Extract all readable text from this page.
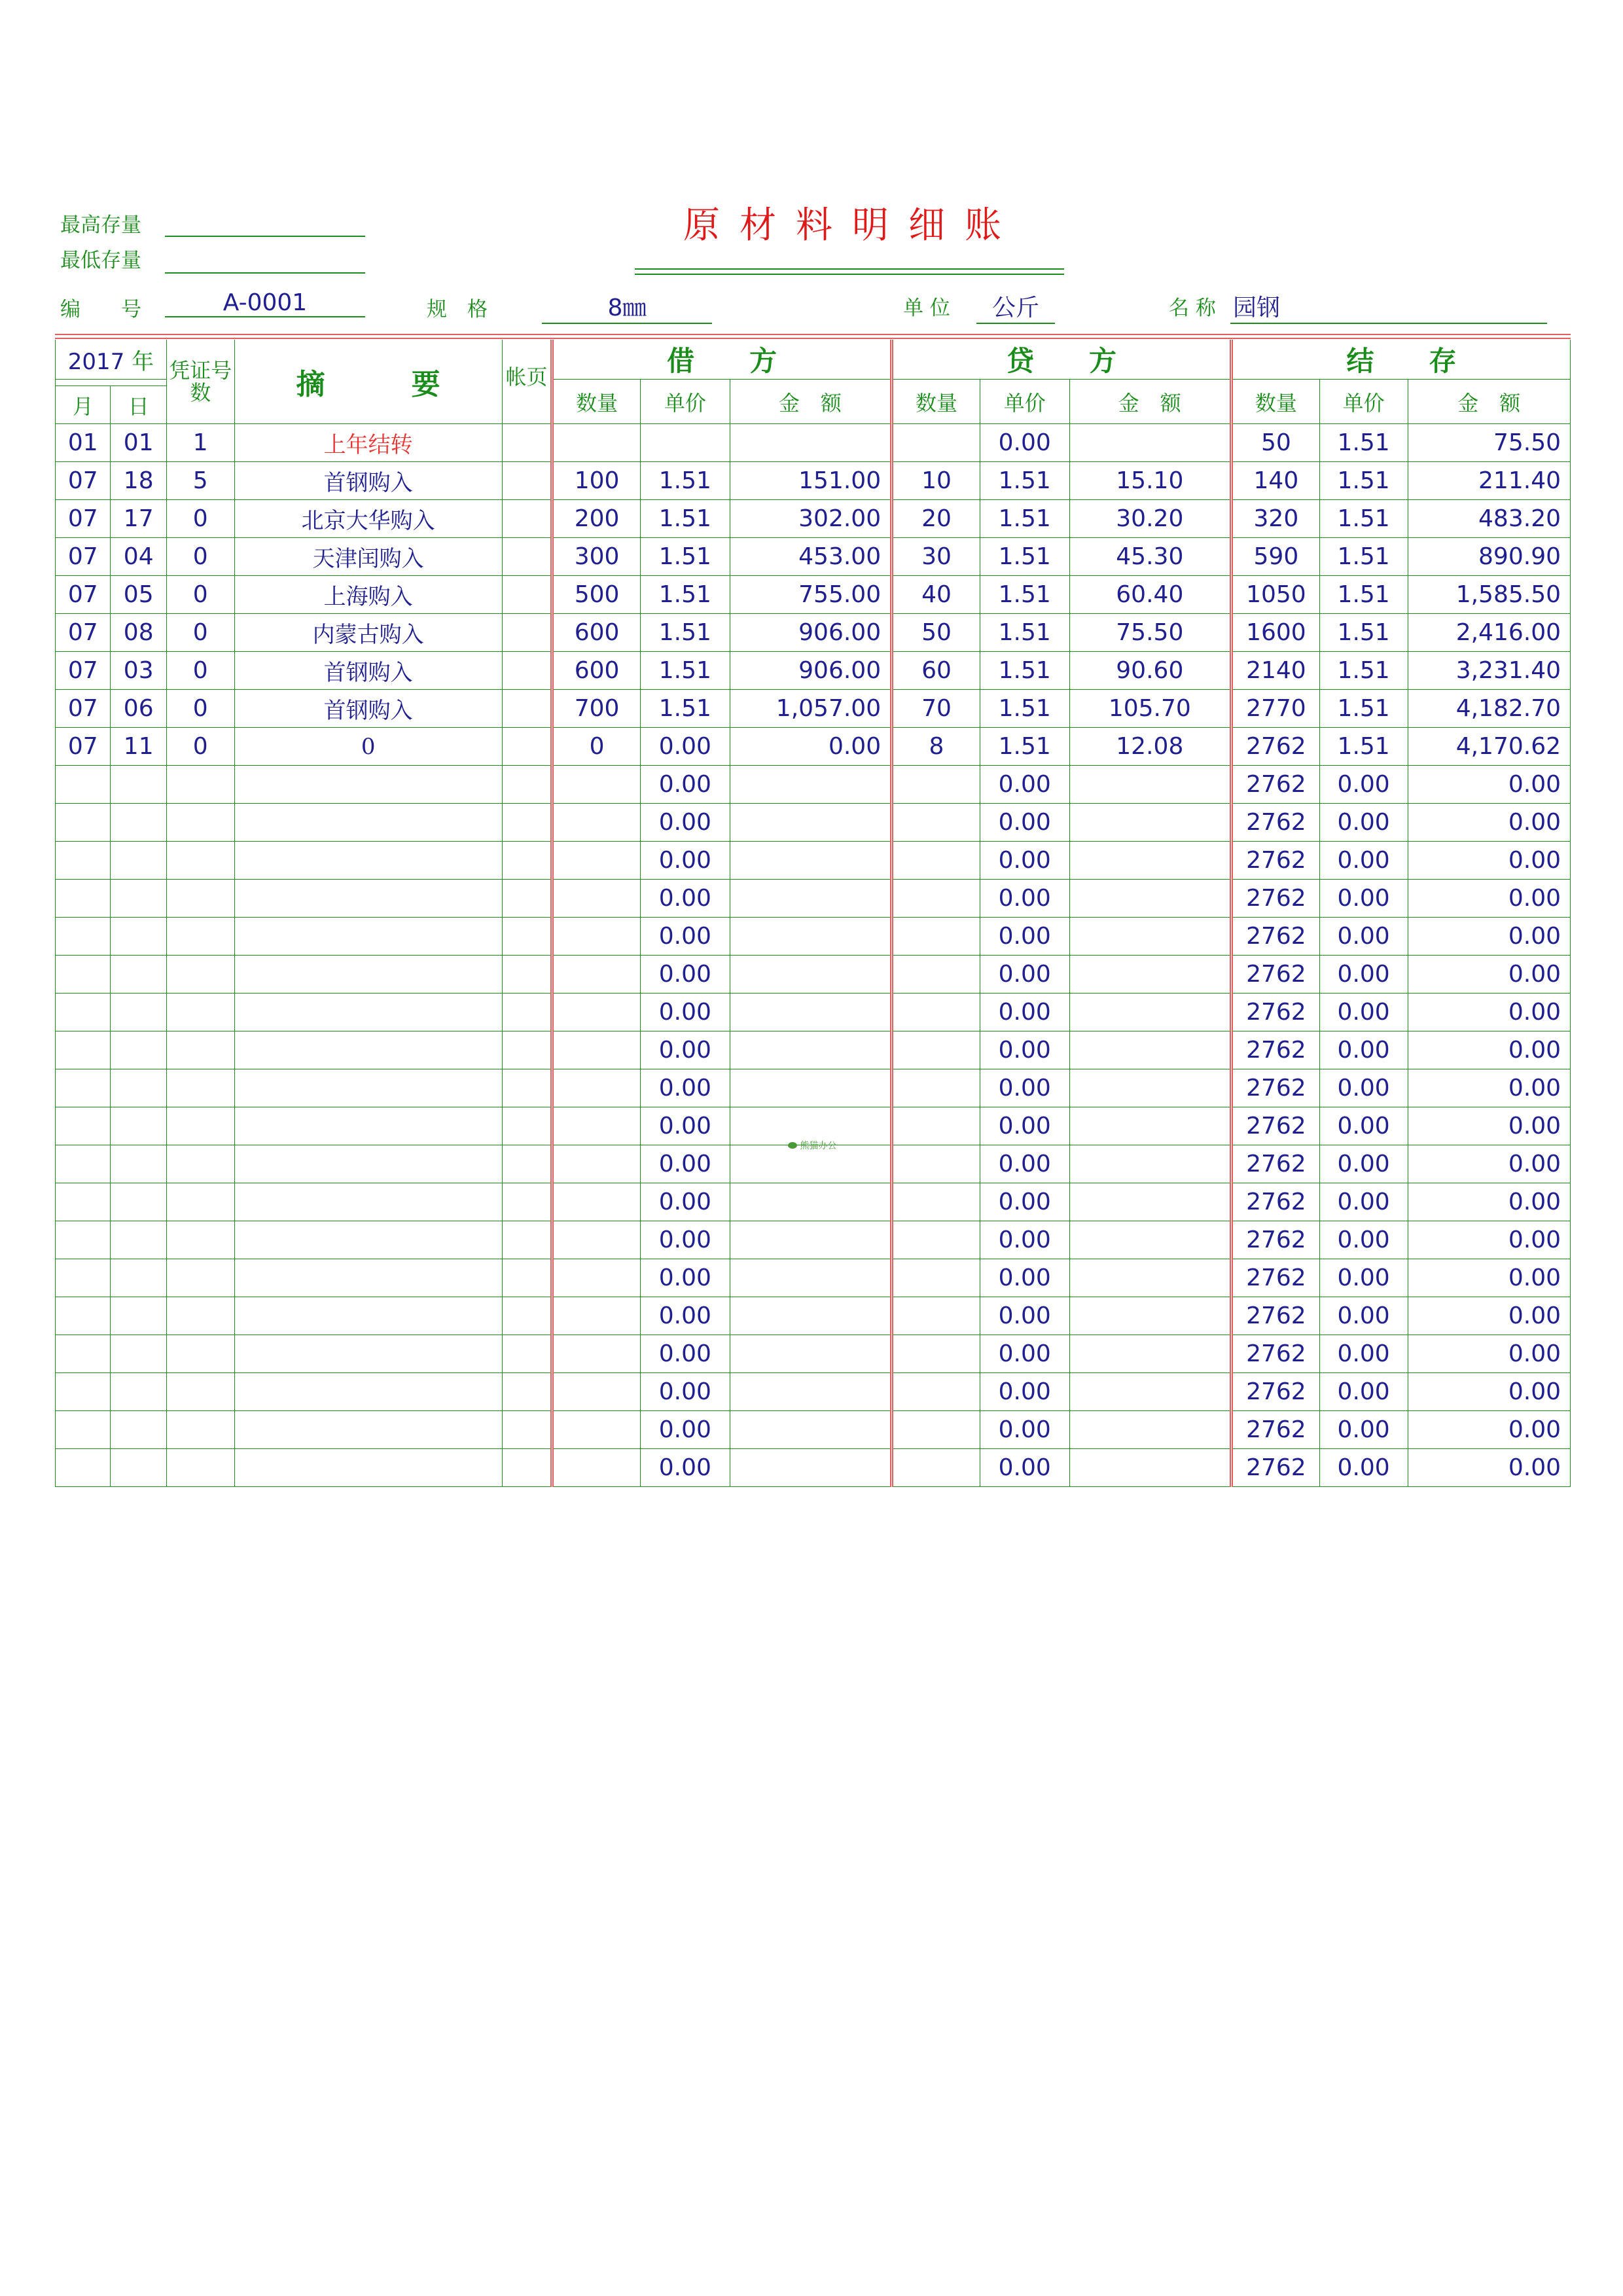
最高存量
最低存量
原材料明细账
编　　号	A-0001	规　格	8㎜	单 位	公斤	名 称 园钢
2017 年		凭证号数	摘　　　要	帐页	借　　方			贷　　方			结　　存		
					数量	单价	金　额	数量	单价	金　额	数量	单价	金　额
月	日												
01	01	1	上年结转						0.00		50	1.51	75.50
07	18	5	首钢购入		100	1.51	151.00	10	1.51	15.10	140	1.51	211.40
07	17	0	北京大华购入		200	1.51	302.00	20	1.51	30.20	320	1.51	483.20
07	04	0	天津闰购入		300	1.51	453.00	30	1.51	45.30	590	1.51	890.90
07	05	0	上海购入		500	1.51	755.00	40	1.51	60.40	1050	1.51	1,585.50
07	08	0	内蒙古购入		600	1.51	906.00	50	1.51	75.50	1600	1.51	2,416.00
07	03	0	首钢购入		600	1.51	906.00	60	1.51	90.60	2140	1.51	3,231.40
07	06	0	首钢购入		700	1.51	1,057.00	70	1.51	105.70	2770	1.51	4,182.70
07	11	0	0		0	0.00	0.00	8	1.51	12.08	2762	1.51	4,170.62
						0.00			0.00		2762	0.00	0.00
						0.00			0.00		2762	0.00	0.00
						0.00			0.00		2762	0.00	0.00
						0.00			0.00		2762	0.00	0.00
						0.00			0.00		2762	0.00	0.00
						0.00			0.00		2762	0.00	0.00
						0.00			0.00		2762	0.00	0.00
						0.00			0.00		2762	0.00	0.00
						0.00			0.00		2762	0.00	0.00
						0.00			0.00		2762	0.00	0.00
						0.00			0.00		2762	0.00	0.00
						0.00			0.00		2762	0.00	0.00
						0.00			0.00		2762	0.00	0.00
						0.00			0.00		2762	0.00	0.00
						0.00			0.00		2762	0.00	0.00
						0.00			0.00		2762	0.00	0.00
						0.00			0.00		2762	0.00	0.00
						0.00			0.00		2762	0.00	0.00
						0.00			0.00		2762	0.00	0.00
熊猫办公
